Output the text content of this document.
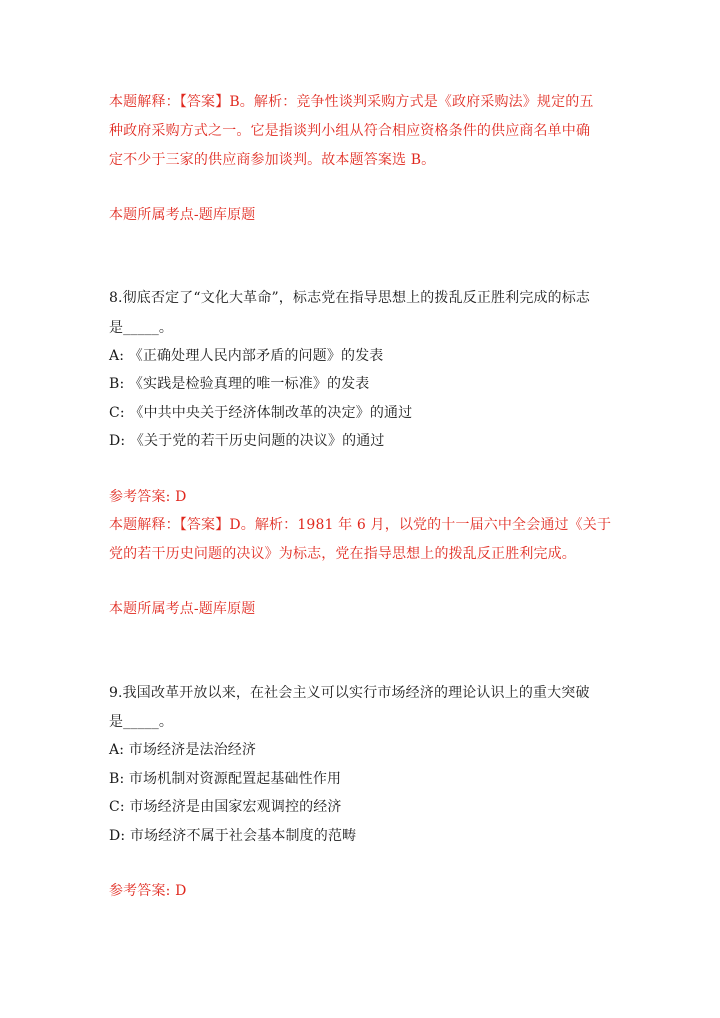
本题解释：【答案】B。解析：竞争性谈判采购方式是《政府采购法》规定的五
种政府采购方式之一。它是指谈判小组从符合相应资格条件的供应商名单中确
定不少于三家的供应商参加谈判。故本题答案选 B。
本题所属考点-题库原题
8.彻底否定了“文化大革命”，标志党在指导思想上的拨乱反正胜利完成的标志
是_____。
A: 《正确处理人民内部矛盾的问题》的发表
B: 《实践是检验真理的唯一标准》的发表
C: 《中共中央关于经济体制改革的决定》的通过
D: 《关于党的若干历史问题的决议》的通过
参考答案: D
本题解释：【答案】D。解析：1981 年 6 月，以党的十一届六中全会通过《关于
党的若干历史问题的决议》为标志，党在指导思想上的拨乱反正胜利完成。
本题所属考点-题库原题
9.我国改革开放以来，在社会主义可以实行市场经济的理论认识上的重大突破
是_____。
A: 市场经济是法治经济
B: 市场机制对资源配置起基础性作用
C: 市场经济是由国家宏观调控的经济
D: 市场经济不属于社会基本制度的范畴
参考答案: D
